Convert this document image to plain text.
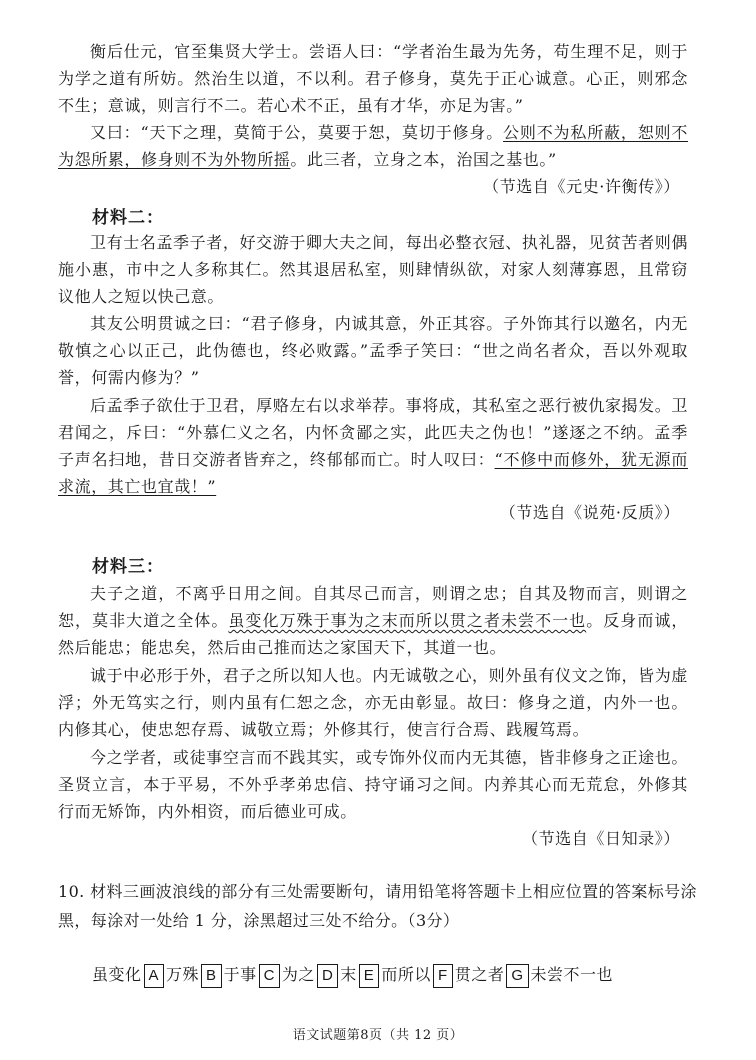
衡后仕元，官至集贤大学士。尝语人曰：“学者治生最为先务，苟生理不足，则于为学之道有所妨。然治生以道，不以利。君子修身，莫先于正心诚意。心正，则邪念不生；意诚，则言行不二。若心术不正，虽有才华，亦足为害。”

又曰：“天下之理，莫简于公，莫要于恕，莫切于修身。公则不为私所蔽，恕则不为怨所累，修身则不为外物所摇。此三者，立身之本，治国之基也。”

（节选自《元史·许衡传》）
材料二：

卫有士名孟季子者，好交游于卿大夫之间，每出必整衣冠、执礼器，见贫苦者则偶施小惠，市中之人多称其仁。然其退居私室，则肆情纵欲，对家人刻薄寡恩，且常窃议他人之短以快己意。

其友公明贯诚之曰：“君子修身，内诚其意，外正其容。子外饰其行以邀名，内无敬慎之心以正己，此伪德也，终必败露。”孟季子笑曰：“世之尚名者众，吾以外观取誉，何需内修为？”

后孟季子欲仕于卫君，厚赂左右以求举荐。事将成，其私室之恶行被仇家揭发。卫君闻之，斥曰：“外慕仁义之名，内怀贪鄙之实，此匹夫之伪也！”遂逐之不纳。孟季子声名扫地，昔日交游者皆弃之，终郁郁而亡。时人叹曰：“不修中而修外，犹无源而求流，其亡也宜哉！”

（节选自《说苑·反质》）
材料三：

夫子之道，不离乎日用之间。自其尽己而言，则谓之忠；自其及物而言，则谓之恕，莫非大道之全体。虽变化万殊于事为之末而所以贯之者未尝不一也。反身而诚，然后能忠；能忠矣，然后由己推而达之家国天下，其道一也。

诚于中必形于外，君子之所以知人也。内无诚敬之心，则外虽有仪文之饰，皆为虚浮；外无笃实之行，则内虽有仁恕之念，亦无由彰显。故曰：修身之道，内外一也。内修其心，使忠恕存焉、诚敬立焉；外修其行，使言行合焉、践履笃焉。

今之学者，或徒事空言而不践其实，或专饰外仪而内无其德，皆非修身之正途也。圣贤立言，本于平易，不外乎孝弟忠信、持守诵习之间。内养其心而无荒怠，外修其行而无矫饰，内外相资，而后德业可成。

（节选自《日知录》）

10. 材料三画波浪线的部分有三处需要断句，请用铅笔将答题卡上相应位置的答案标号涂黑，每涂对一处给 1 分，涂黑超过三处不给分。（3分）

虽变化 A 万殊 B 于事 C 为之 D 末 E 而所以 F 贯之者 G 未尝不一也
语文试题第8页（共 12 页）
